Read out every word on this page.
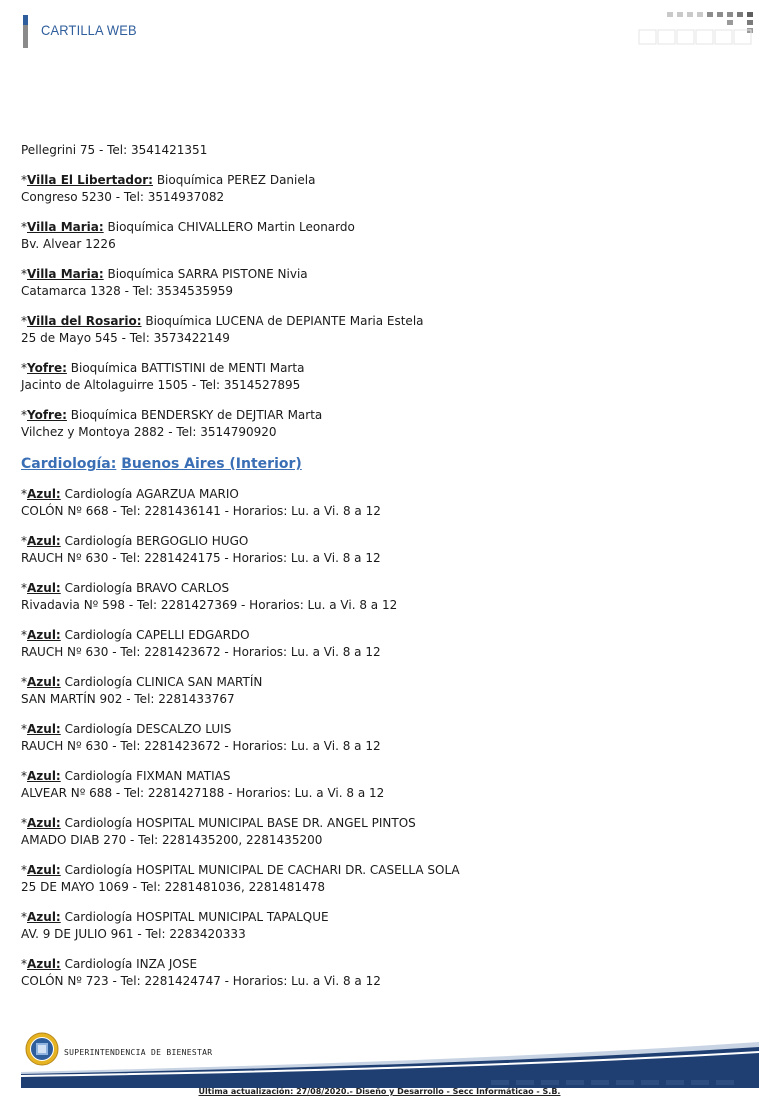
CARTILLA WEB
Pellegrini 75 - Tel: 3541421351
*Villa El Libertador: Bioquímica PEREZ Daniela
Congreso 5230 - Tel: 3514937082
*Villa Maria: Bioquímica CHIVALLERO Martin Leonardo
Bv. Alvear 1226
*Villa Maria: Bioquímica SARRA PISTONE Nivia
Catamarca 1328 - Tel: 3534535959
*Villa del Rosario: Bioquímica LUCENA de DEPIANTE Maria Estela
25 de Mayo 545 - Tel: 3573422149
*Yofre: Bioquímica BATTISTINI de MENTI Marta
Jacinto de Altolaguirre 1505 - Tel: 3514527895
*Yofre: Bioquímica BENDERSKY de DEJTIAR Marta
Vilchez y Montoya 2882 - Tel: 3514790920
Cardiología: Buenos Aires (Interior)
*Azul: Cardiología AGARZUA MARIO
COLÓN Nº 668 - Tel: 2281436141 - Horarios: Lu. a Vi. 8 a 12
*Azul: Cardiología BERGOGLIO HUGO
RAUCH Nº 630 - Tel: 2281424175 - Horarios: Lu. a Vi. 8 a 12
*Azul: Cardiología BRAVO CARLOS
Rivadavia Nº 598 - Tel: 2281427369 - Horarios: Lu. a Vi. 8 a 12
*Azul: Cardiología CAPELLI EDGARDO
RAUCH Nº 630 - Tel: 2281423672 - Horarios: Lu. a Vi. 8 a 12
*Azul: Cardiología CLINICA SAN MARTÍN
SAN MARTÍN 902 - Tel: 2281433767
*Azul: Cardiología DESCALZO LUIS
RAUCH Nº 630 - Tel: 2281423672 - Horarios: Lu. a Vi. 8 a 12
*Azul: Cardiología FIXMAN MATIAS
ALVEAR Nº 688 - Tel: 2281427188 - Horarios: Lu. a Vi. 8 a 12
*Azul: Cardiología HOSPITAL MUNICIPAL BASE DR. ANGEL PINTOS
AMADO DIAB 270 - Tel: 2281435200, 2281435200
*Azul: Cardiología HOSPITAL MUNICIPAL DE CACHARI DR. CASELLA SOLA
25 DE MAYO 1069 - Tel: 2281481036, 2281481478
*Azul: Cardiología HOSPITAL MUNICIPAL TAPALQUE
AV. 9 DE JULIO 961 - Tel: 2283420333
*Azul: Cardiología INZA JOSE
COLÓN Nº 723 - Tel: 2281424747 - Horarios: Lu. a Vi. 8 a 12
SUPERINTENDENCIA DE BIENESTAR
Ultima actualización: 27/08/2020.- Diseño y Desarrollo - Secc Informáticao - S.B.
